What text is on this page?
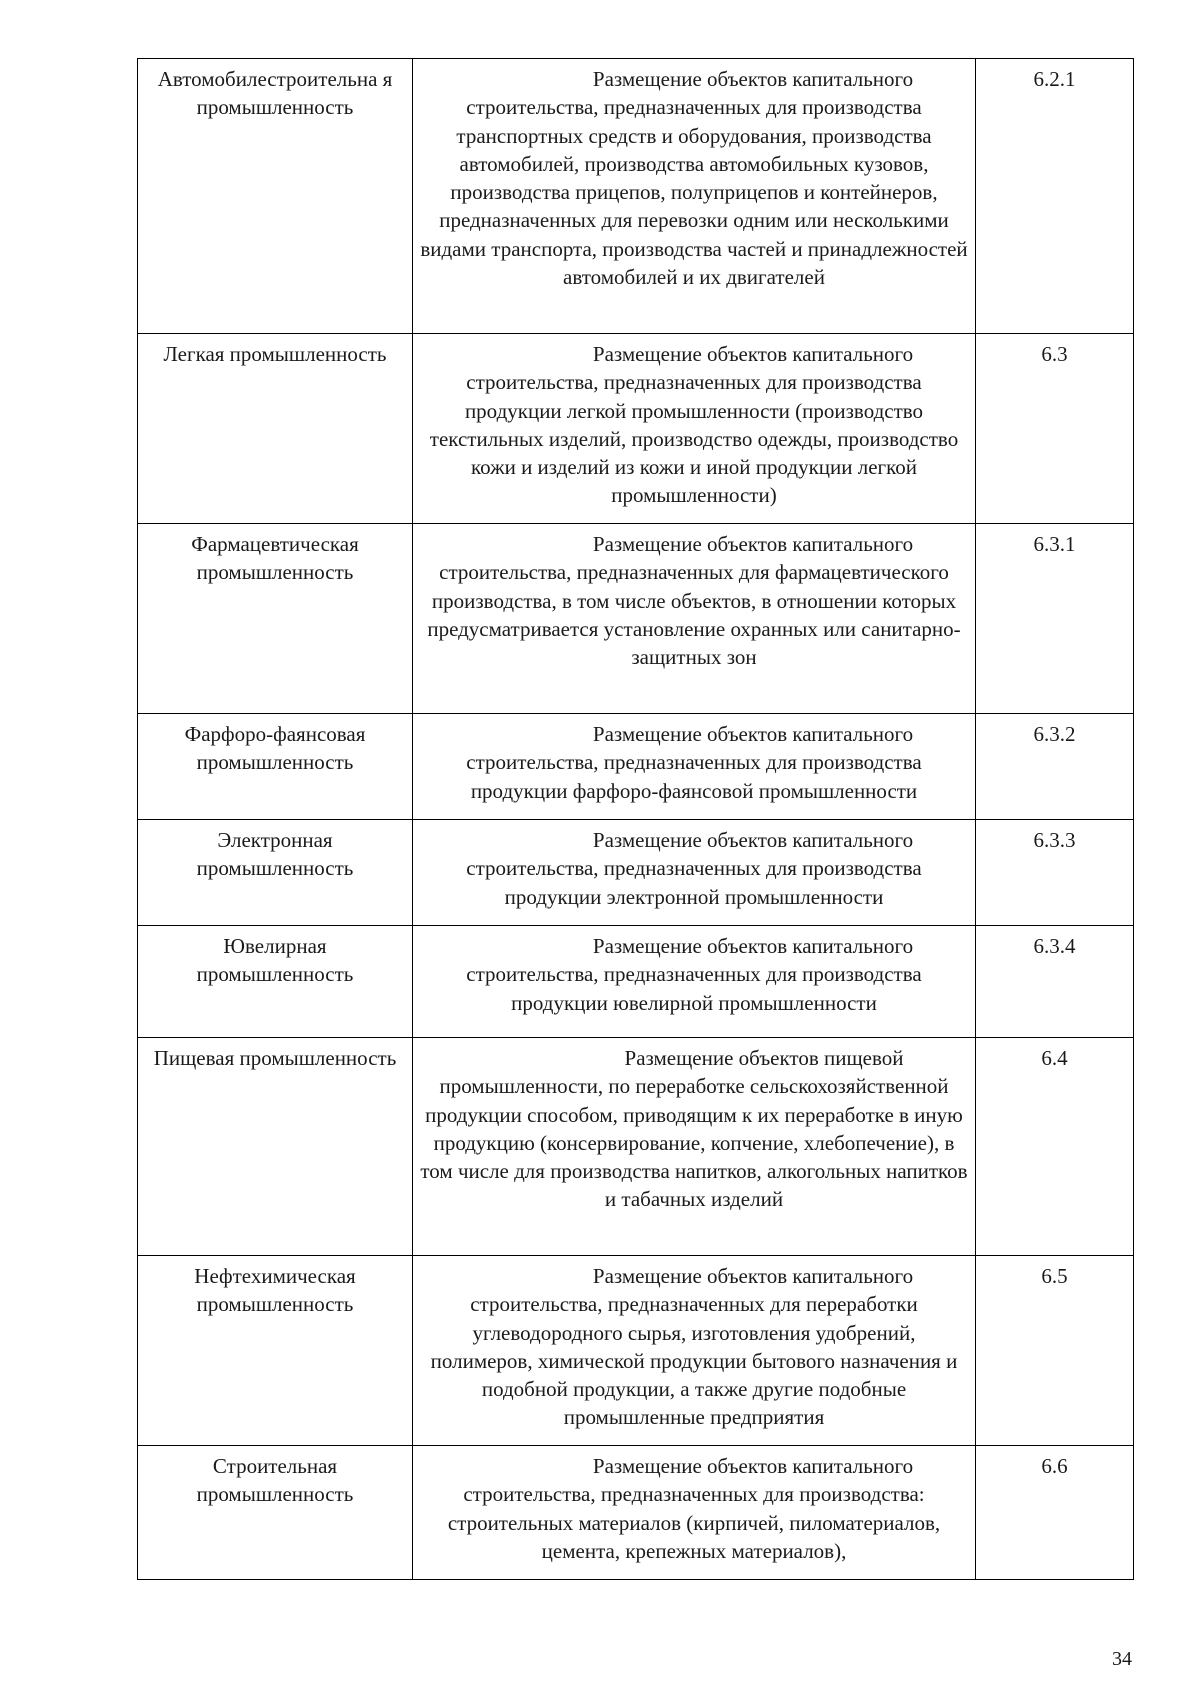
Автомобилестроительна я промышленность	Размещение объектов капитального строительства, предназначенных для производства транспортных средств и оборудования, производства автомобилей, производства автомобильных кузовов, производства прицепов, полуприцепов и контейнеров, предназначенных для перевозки одним или несколькими видами транспорта, производства частей и принадлежностей автомобилей и их двигателей	6.2.1
Легкая промышленность	Размещение объектов капитального строительства, предназначенных для производства продукции легкой промышленности (производство текстильных изделий, производство одежды, производство кожи и изделий из кожи и иной продукции легкой промышленности)	6.3
Фармацевтическая промышленность	Размещение объектов капитального строительства, предназначенных для фармацевтического производства, в том числе объектов, в отношении которых предусматривается установление охранных или санитарно-защитных зон	6.3.1
Фарфоро-фаянсовая промышленность	Размещение объектов капитального строительства, предназначенных для производства продукции фарфоро-фаянсовой промышленности	6.3.2
Электронная промышленность	Размещение объектов капитального строительства, предназначенных для производства продукции электронной промышленности	6.3.3
Ювелирная промышленность	Размещение объектов капитального строительства, предназначенных для производства продукции ювелирной промышленности	6.3.4
Пищевая промышленность	Размещение объектов пищевой промышленности, по переработке сельскохозяйственной продукции способом, приводящим к их переработке в иную продукцию (консервирование, копчение, хлебопечение), в том числе для производства напитков, алкогольных напитков и табачных изделий	6.4
Нефтехимическая промышленность	Размещение объектов капитального строительства, предназначенных для переработки углеводородного сырья, изготовления удобрений, полимеров, химической продукции бытового назначения и подобной продукции, а также другие подобные промышленные предприятия	6.5
Строительная промышленность	Размещение объектов капитального строительства, предназначенных для производства: строительных материалов (кирпичей, пиломатериалов, цемента, крепежных материалов),	6.6
34
